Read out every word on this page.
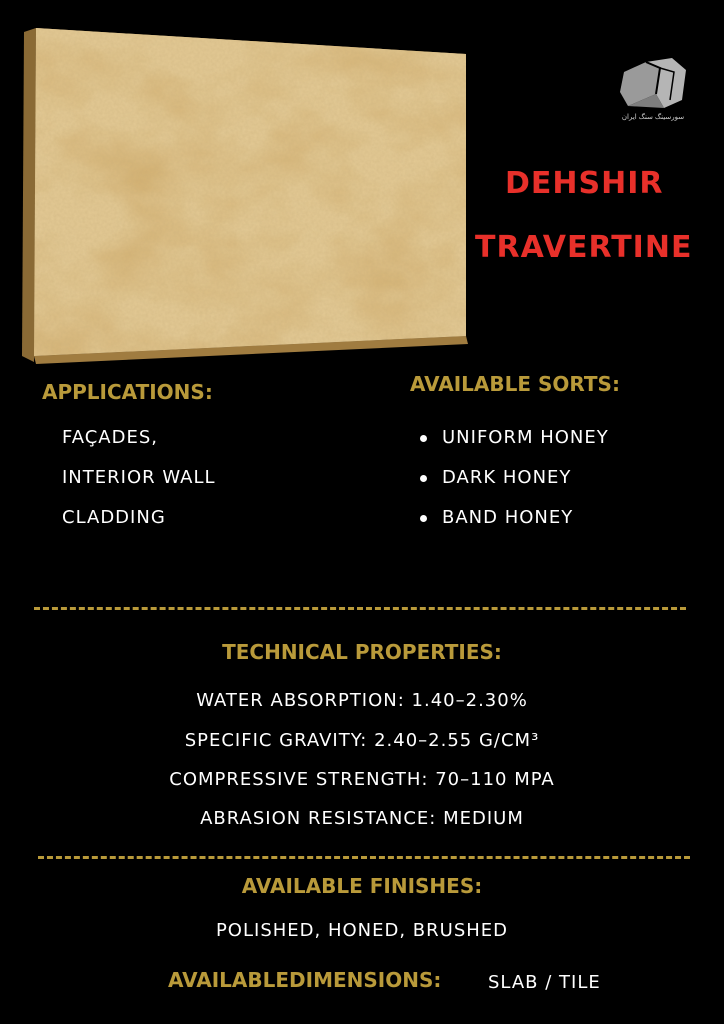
سورسینگ سنگ ایران
DEHSHIR
TRAVERTINE
APPLICATIONS:
FAÇADES,
INTERIOR WALL
CLADDING
AVAILABLE SORTS:
UNIFORM HONEY
DARK HONEY
BAND HONEY
TECHNICAL PROPERTIES:
WATER ABSORPTION: 1.40–2.30%
SPECIFIC GRAVITY: 2.40–2.55 G/CM³
COMPRESSIVE STRENGTH: 70–110 MPA
ABRASION RESISTANCE: MEDIUM
AVAILABLE FINISHES:
POLISHED, HONED, BRUSHED
AVAILABLEDIMENSIONS:	SLAB / TILE
